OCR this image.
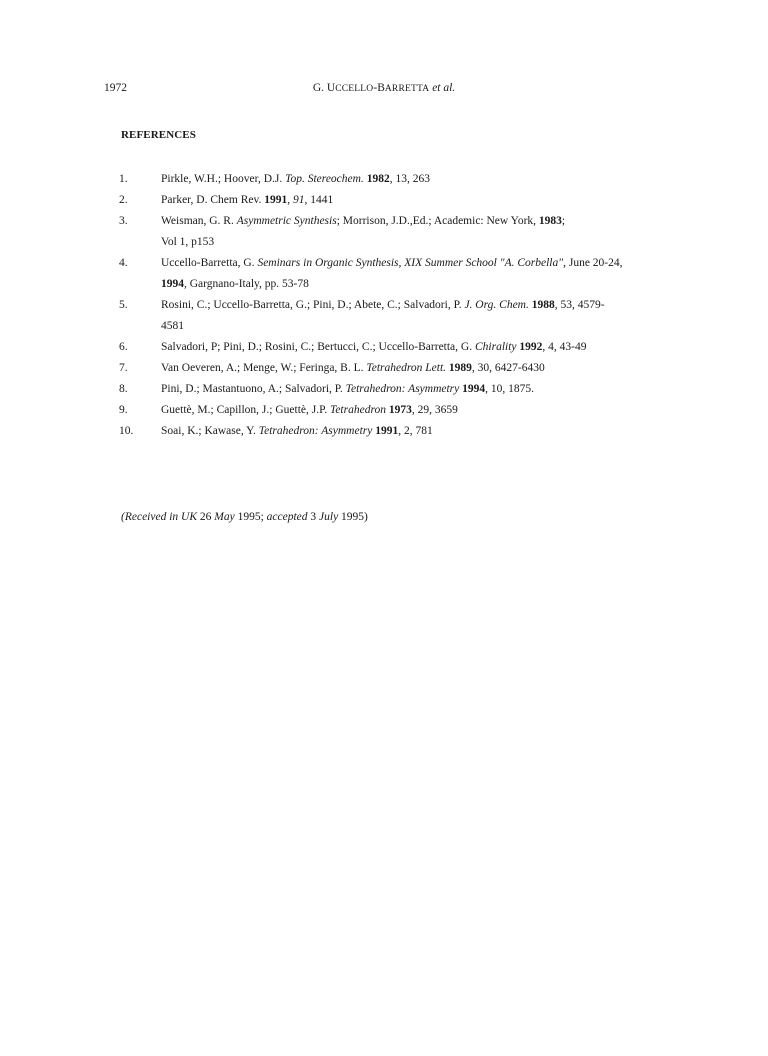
1972	G. UCCELLO-BARRETTA et al.
REFERENCES
1.	Pirkle, W.H.; Hoover, D.J. Top. Stereochem. 1982, 13, 263
2.	Parker, D. Chem Rev. 1991, 91, 1441
3.	Weisman, G. R. Asymmetric Synthesis; Morrison, J.D.,Ed.; Academic: New York, 1983;
Vol 1, p153
4.	Uccello-Barretta, G. Seminars in Organic Synthesis, XIX Summer School "A. Corbella", June 20-24,
1994, Gargnano-Italy, pp. 53-78
5.	Rosini, C.; Uccello-Barretta, G.; Pini, D.; Abete, C.; Salvadori, P. J. Org. Chem. 1988, 53, 4579-
4581
6.	Salvadori, P; Pini, D.; Rosini, C.; Bertucci, C.; Uccello-Barretta, G. Chirality 1992, 4, 43-49
7.	Van Oeveren, A.; Menge, W.; Feringa, B. L. Tetrahedron Lett. 1989, 30, 6427-6430
8.	Pini, D.; Mastantuono, A.; Salvadori, P. Tetrahedron: Asymmetry 1994, 10, 1875.
9.	Guettè, M.; Capillon, J.; Guettè, J.P. Tetrahedron 1973, 29, 3659
10.	Soai, K.; Kawase, Y. Tetrahedron: Asymmetry 1991, 2, 781
(Received in UK 26 May 1995; accepted 3 July 1995)
